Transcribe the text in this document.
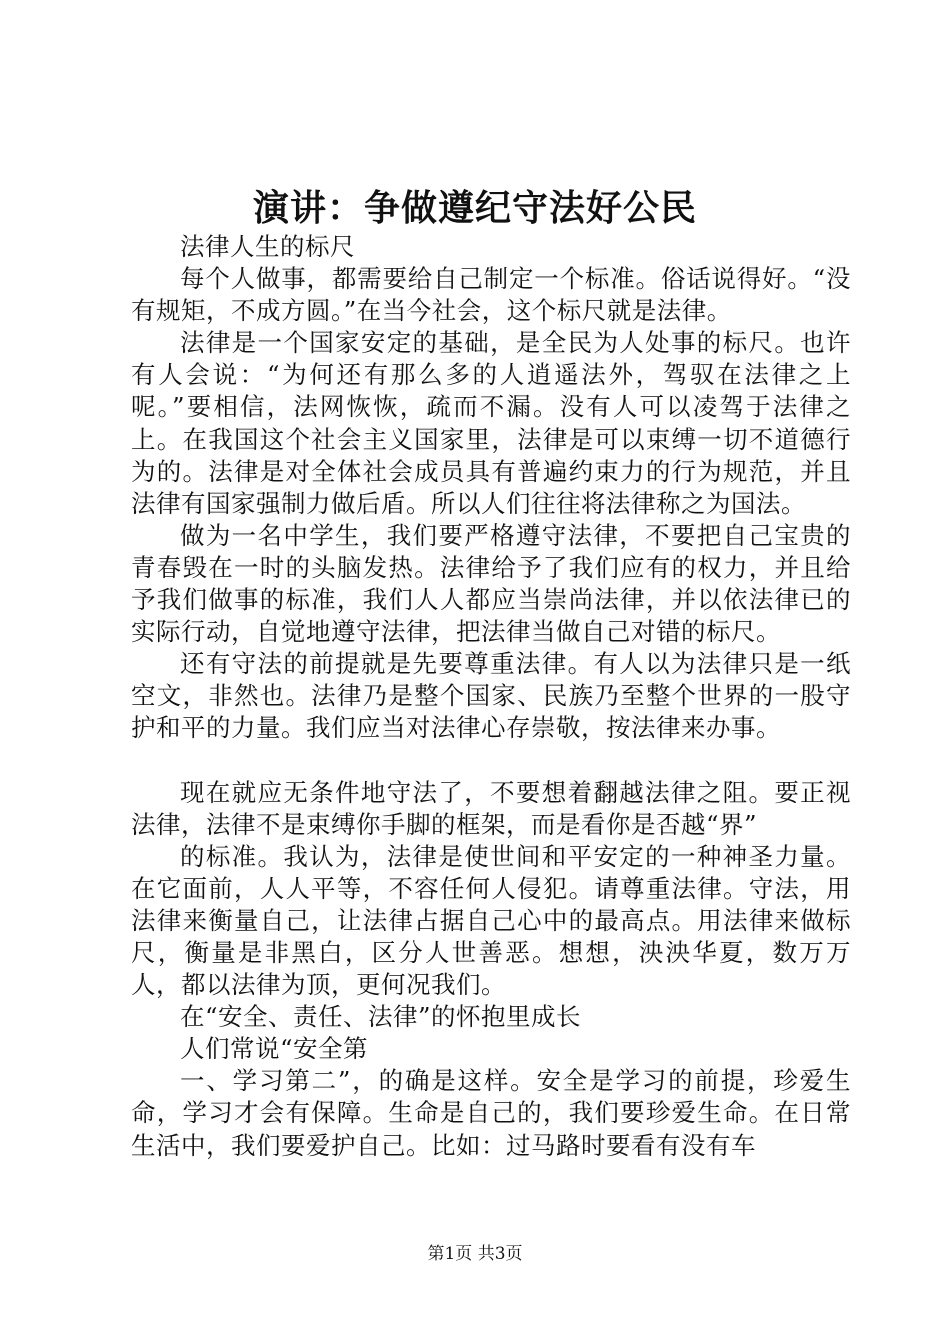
演讲：争做遵纪守法好公民

法律人生的标尺

每个人做事，都需要给自己制定一个标准。俗话说得好。“没有规矩，不成方圆。”在当今社会，这个标尺就是法律。

法律是一个国家安定的基础，是全民为人处事的标尺。也许有人会说：“为何还有那么多的人逍遥法外，驾驭在法律之上呢。”要相信，法网恢恢，疏而不漏。没有人可以凌驾于法律之上。在我国这个社会主义国家里，法律是可以束缚一切不道德行为的。法律是对全体社会成员具有普遍约束力的行为规范，并且法律有国家强制力做后盾。所以人们往往将法律称之为国法。

做为一名中学生，我们要严格遵守法律，不要把自己宝贵的青春毁在一时的头脑发热。法律给予了我们应有的权力，并且给予我们做事的标准，我们人人都应当崇尚法律，并以依法律已的实际行动，自觉地遵守法律，把法律当做自己对错的标尺。

还有守法的前提就是先要尊重法律。有人以为法律只是一纸空文，非然也。法律乃是整个国家、民族乃至整个世界的一股守护和平的力量。我们应当对法律心存崇敬，按法律来办事。

现在就应无条件地守法了，不要想着翻越法律之阻。要正视法律，法律不是束缚你手脚的框架，而是看你是否越“界”

的标准。我认为，法律是使世间和平安定的一种神圣力量。在它面前，人人平等，不容任何人侵犯。请尊重法律。守法，用法律来衡量自己，让法律占据自己心中的最高点。用法律来做标尺，衡量是非黑白，区分人世善恶。想想，泱泱华夏，数万万人，都以法律为顶，更何况我们。

在“安全、责任、法律”的怀抱里成长

人们常说“安全第

一、学习第二”，的确是这样。安全是学习的前提，珍爱生命，学习才会有保障。生命是自己的，我们要珍爱生命。在日常生活中，我们要爱护自己。比如：过马路时要看有没有车

第1页 共3页
